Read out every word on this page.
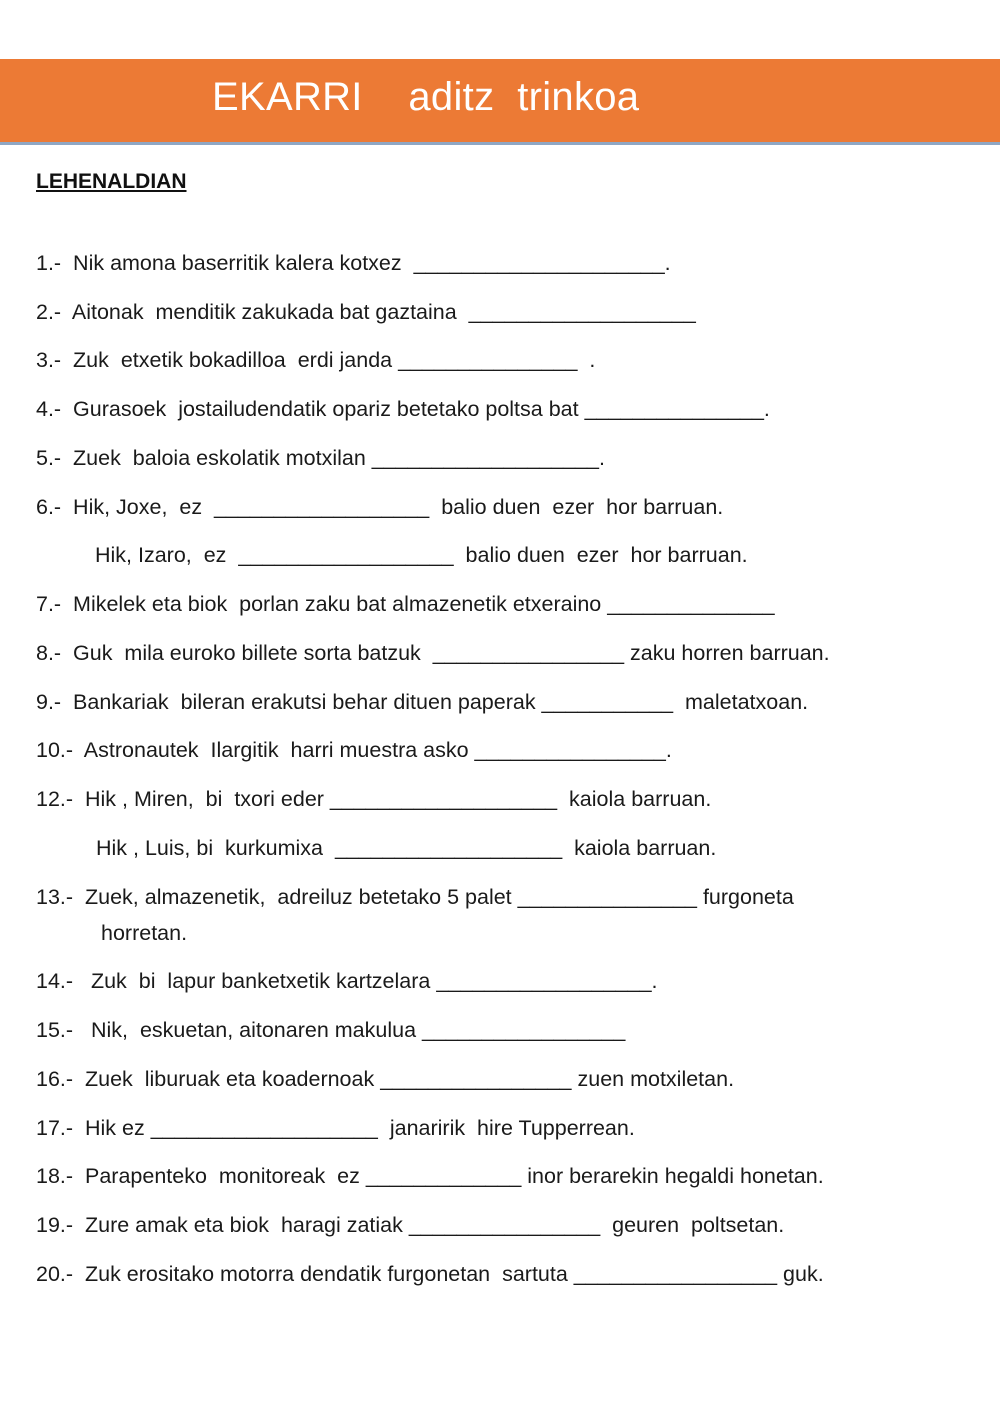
EKARRI    aditz  trinkoa
LEHENALDIAN
1.-  Nik amona baserritik kalera kotxez  _____________________.
2.-  Aitonak  menditik zakukada bat gaztaina  ___________________
3.-  Zuk  etxetik bokadilloa  erdi janda _______________  .
4.-  Gurasoek  jostailudendatik opariz betetako poltsa bat _______________.
5.-  Zuek  baloia eskolatik motxilan ___________________.
6.-  Hik, Joxe,  ez  __________________  balio duen  ezer  hor barruan.
Hik, Izaro,  ez  __________________  balio duen  ezer  hor barruan.
7.-  Mikelek eta biok  porlan zaku bat almazenetik etxeraino ______________
8.-  Guk  mila euroko billete sorta batzuk  ________________ zaku horren barruan.
9.-  Bankariak  bileran erakutsi behar dituen paperak ___________  maletatxoan.
10.-  Astronautek  Ilargitik  harri muestra asko ________________.
12.-  Hik , Miren,  bi  txori eder ___________________  kaiola barruan.
Hik , Luis, bi  kurkumixa  ___________________  kaiola barruan.
13.-  Zuek, almazenetik,  adreiluz betetako 5 palet _______________ furgoneta
horretan.
14.-   Zuk  bi  lapur banketxetik kartzelara __________________.
15.-   Nik,  eskuetan, aitonaren makulua _________________
16.-  Zuek  liburuak eta koadernoak ________________ zuen motxiletan.
17.-  Hik ez ___________________  janaririk  hire Tupperrean.
18.-  Parapenteko  monitoreak  ez _____________ inor berarekin hegaldi honetan.
19.-  Zure amak eta biok  haragi zatiak ________________  geuren  poltsetan.
20.-  Zuk erositako motorra dendatik furgonetan  sartuta _________________ guk.
